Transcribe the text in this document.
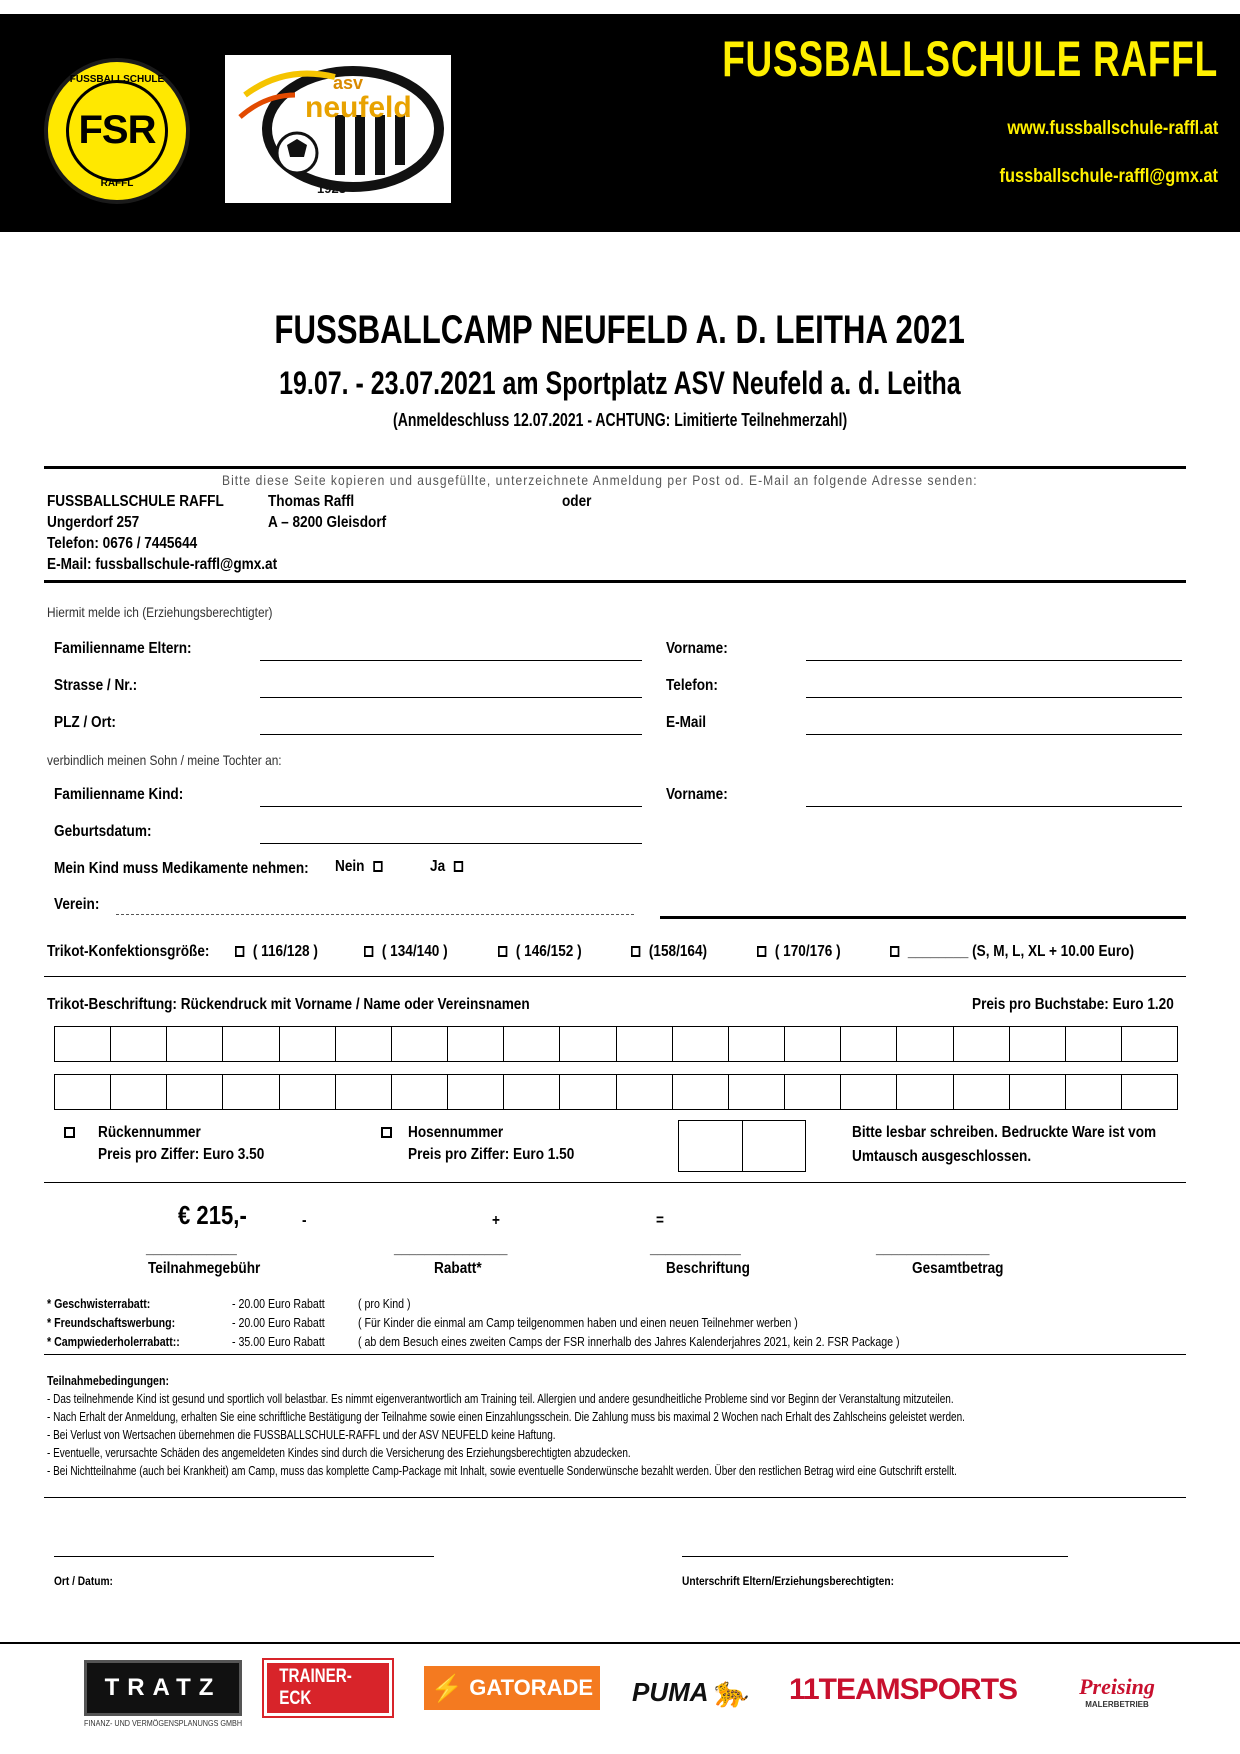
FUSSBALLSCHULE
FSR
RAFFL
asv
neufeld
1923
FUSSBALLSCHULE RAFFL
www.fussballschule-raffl.at
fussballschule-raffl@gmx.at
FUSSBALLCAMP NEUFELD A. D. LEITHA 2021
19.07. - 23.07.2021 am Sportplatz ASV Neufeld a. d. Leitha
(Anmeldeschluss 12.07.2021 - ACHTUNG: Limitierte Teilnehmerzahl)
Bitte diese Seite kopieren und ausgefüllte, unterzeichnete Anmeldung per Post od. E-Mail an folgende Adresse senden:
FUSSBALLSCHULE RAFFL
Ungerdorf 257
Telefon: 0676 / 7445644
E-Mail: fussballschule-raffl@gmx.at
Thomas Raffl
A – 8200 Gleisdorf
oder
Hiermit melde ich (Erziehungsberechtigter)
Familienname Eltern:	Vorname:
Strasse / Nr.:	Telefon:
PLZ / Ort:	E-Mail
verbindlich meinen Sohn / meine Tochter an:
Familienname Kind:	Vorname:
Geburtsdatum:
Mein Kind muss Medikamente nehmen: Nein	Ja
Verein:
Trikot-Konfektionsgröße:	( 116/128 )	( 134/140 )	( 146/152 )	(158/164)	( 170/176 )	________ (S, M, L, XL + 10.00 Euro)
Trikot-Beschriftung: Rückendruck mit Vorname / Name oder Vereinsnamen	Preis pro Buchstabe: Euro 1.20
Rückennummer
Preis pro Ziffer: Euro 3.50
Hosennummer
Preis pro Ziffer: Euro 1.50
Bitte lesbar schreiben. Bedruckte Ware ist vom
Umtausch ausgeschlossen.
€ 215,-	-	+	=
____________	_______________	____________	_______________
Teilnahmegebühr	Rabatt*	Beschriftung	Gesamtbetrag
* Geschwisterrabatt:	- 20.00 Euro Rabatt	( pro Kind )
* Freundschaftswerbung:	- 20.00 Euro Rabatt	( Für Kinder die einmal am Camp teilgenommen haben und einen neuen Teilnehmer werben )
* Campwiederholerrabatt::	- 35.00 Euro Rabatt	( ab dem Besuch eines zweiten Camps der FSR innerhalb des Jahres Kalenderjahres 2021, kein 2. FSR Package )
Teilnahmebedingungen:
- Das teilnehmende Kind ist gesund und sportlich voll belastbar. Es nimmt eigenverantwortlich am Training teil. Allergien und andere gesundheitliche Probleme sind vor Beginn der Veranstaltung mitzuteilen.
- Nach Erhalt der Anmeldung, erhalten Sie eine schriftliche Bestätigung der Teilnahme sowie einen Einzahlungsschein. Die Zahlung muss bis maximal 2 Wochen nach Erhalt des Zahlscheins geleistet werden.
- Bei Verlust von Wertsachen übernehmen die FUSSBALLSCHULE-RAFFL und der ASV NEUFELD keine Haftung.
- Eventuelle, verursachte Schäden des angemeldeten Kindes sind durch die Versicherung des Erziehungsberechtigten abzudecken.
- Bei Nichtteilnahme (auch bei Krankheit) am Camp, muss das komplette Camp-Package mit Inhalt, sowie eventuelle Sonderwünsche bezahlt werden. Über den restlichen Betrag wird eine Gutschrift erstellt.
Ort / Datum:	Unterschrift Eltern/Erziehungsberechtigten:
TRATZ
FINANZ- UND VERMÖGENSPLANUNGS GMBH
TRAINER-ECK	⚡ GATORADE PUMA 🐆 11TEAMSPORTS	Preising
MALERBETRIEB
